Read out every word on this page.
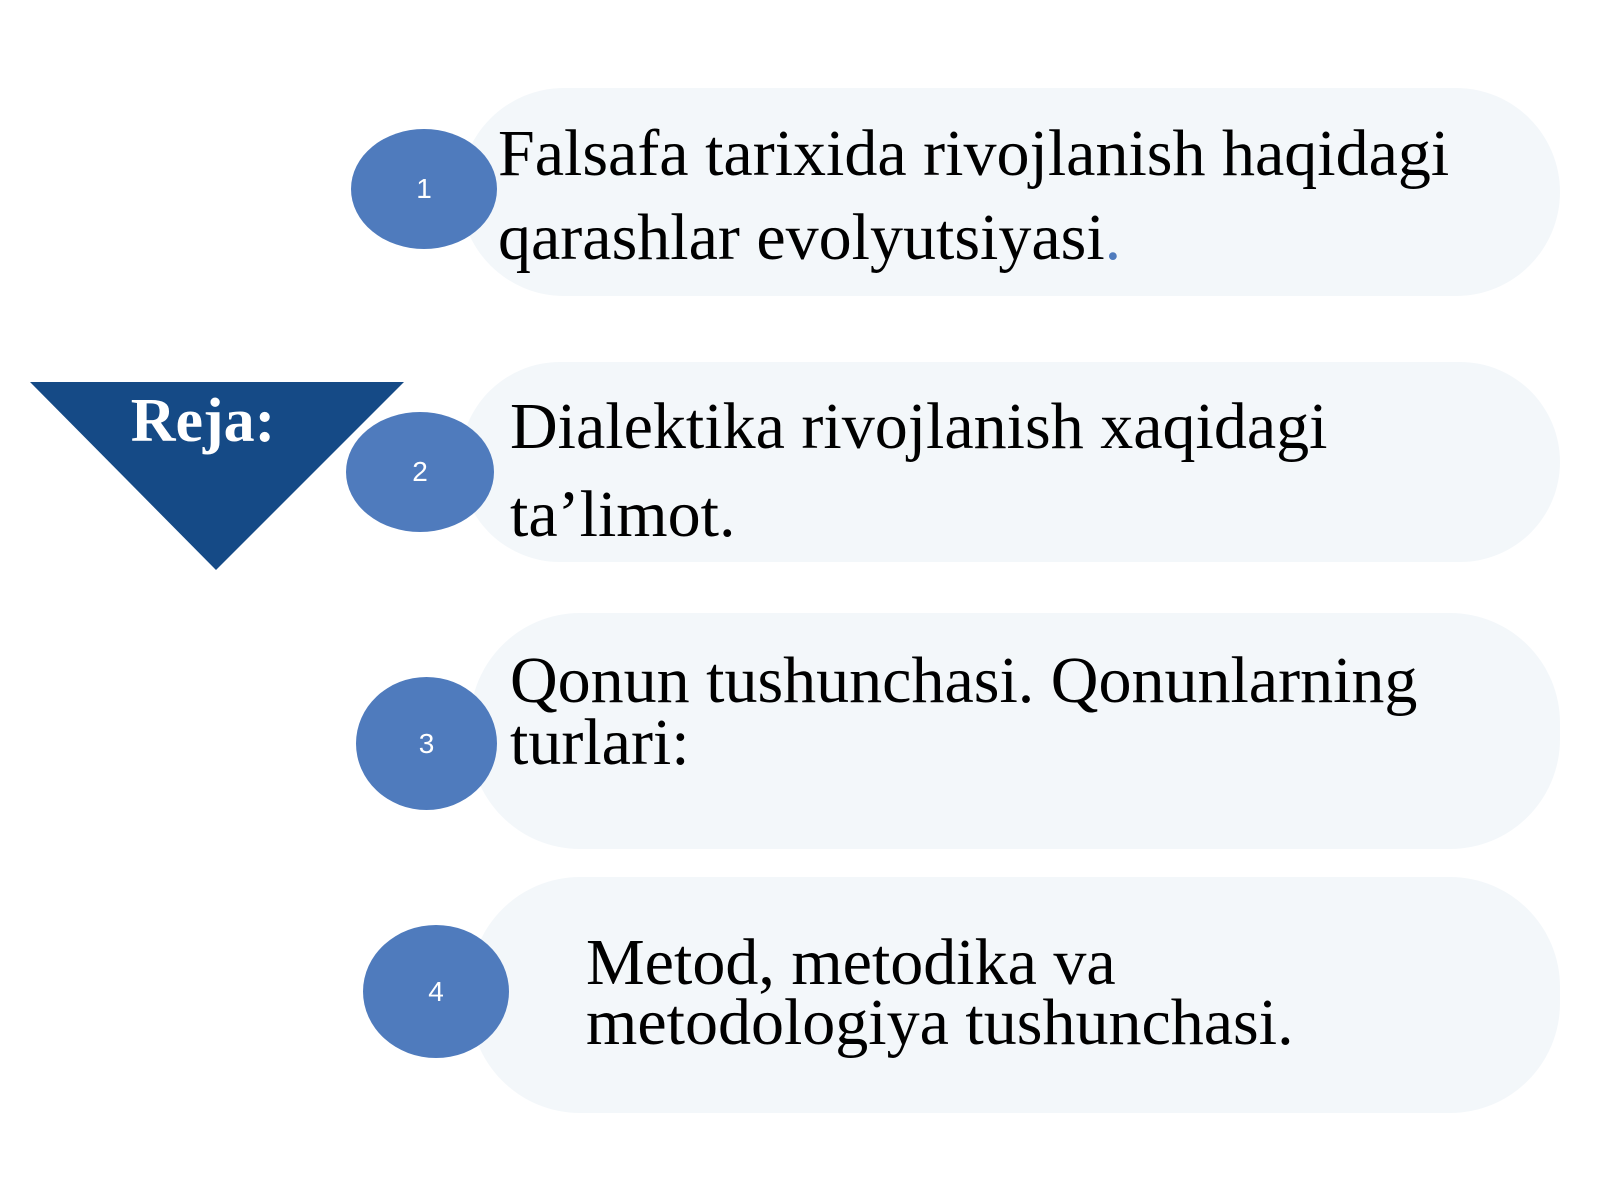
Reja:
Falsafa tarixida rivojlanish haqidagi
qarashlar evolyutsiyasi.
Dialektika rivojlanish xaqidagi
ta’limot.
Qonun tushunchasi. Qonunlarning
turlari:
Metod, metodika va
metodologiya tushunchasi.
1
2
3
4
